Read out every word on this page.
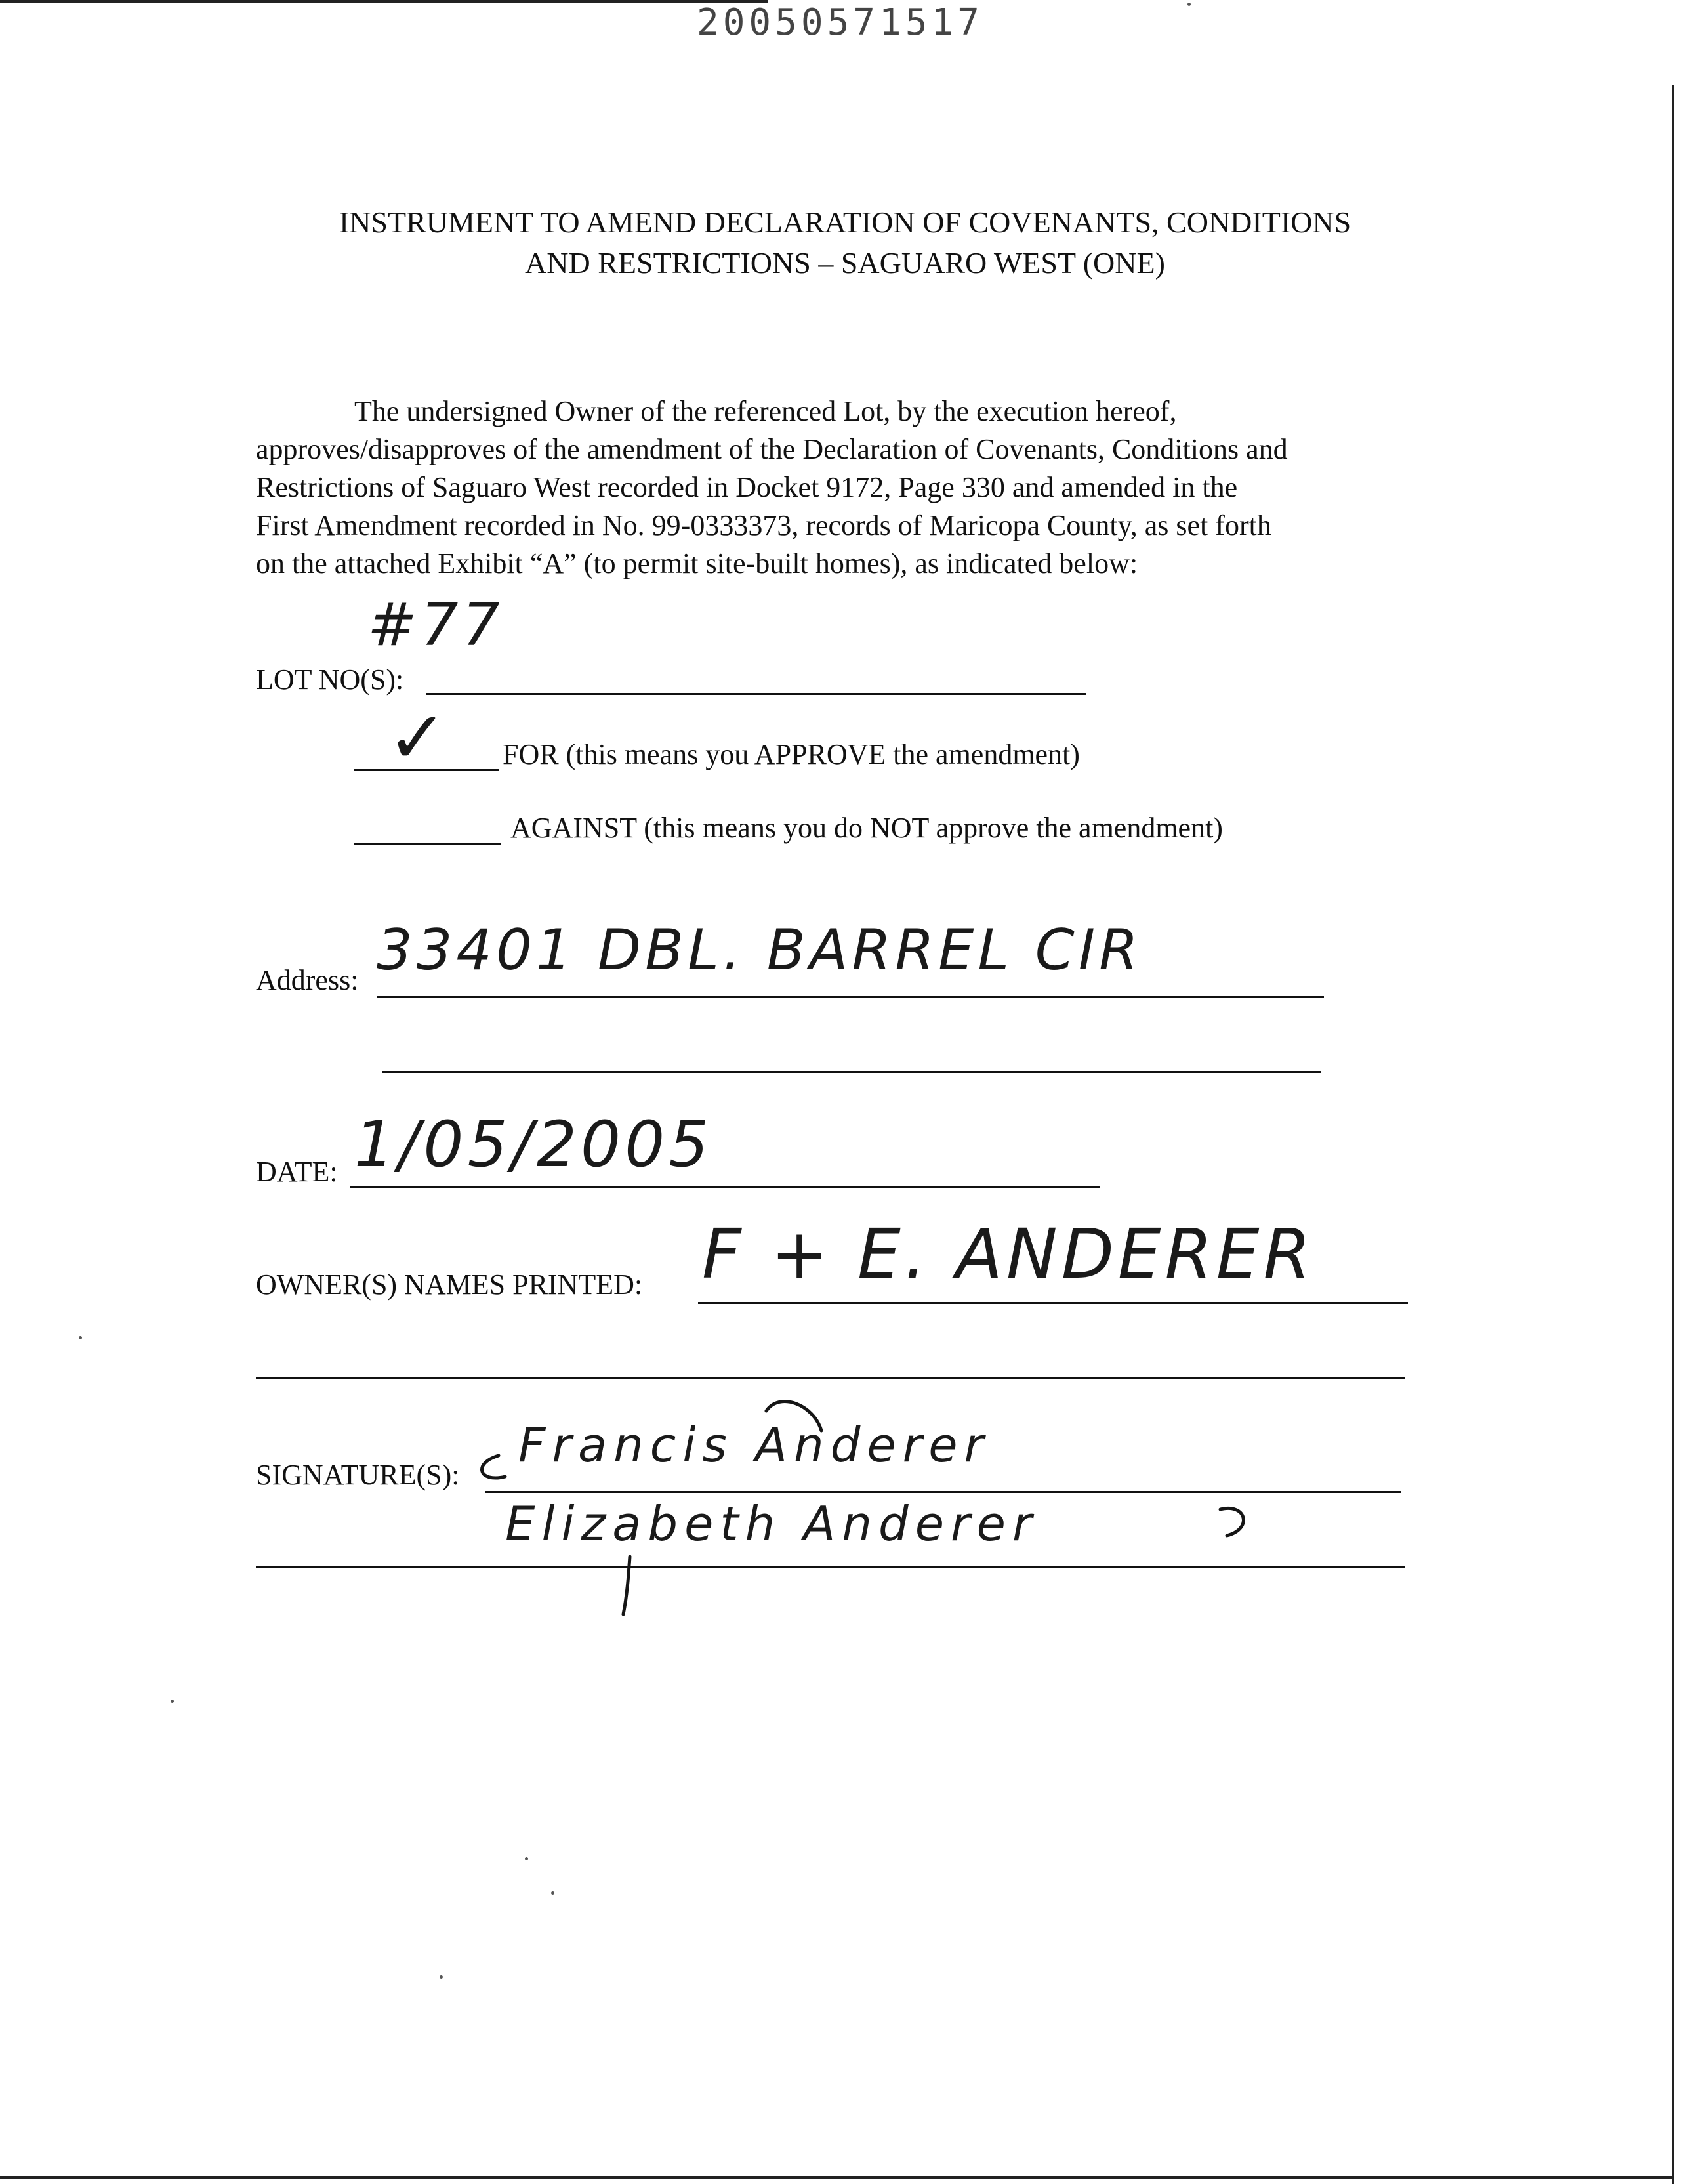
20050571517
INSTRUMENT TO AMEND DECLARATION OF COVENANTS, CONDITIONS
AND RESTRICTIONS – SAGUARO WEST (ONE)
The undersigned Owner of the referenced Lot, by the execution hereof,
approves/disapproves of the amendment of the Declaration of Covenants, Conditions and
Restrictions of Saguaro West recorded in Docket 9172, Page 330 and amended in the
First Amendment recorded in No. 99-0333373, records of Maricopa County, as set forth
on the attached Exhibit “A” (to permit site-built homes), as indicated below:
LOT NO(S):
#77
✓ FOR (this means you APPROVE the amendment)
AGAINST (this means you do NOT approve the amendment)
Address: 33401 DBL. BARREL CIR
DATE: 1/05/2005
OWNER(S) NAMES PRINTED: F + E. ANDERER
SIGNATURE(S):
Francis Anderer
Elizabeth Anderer
